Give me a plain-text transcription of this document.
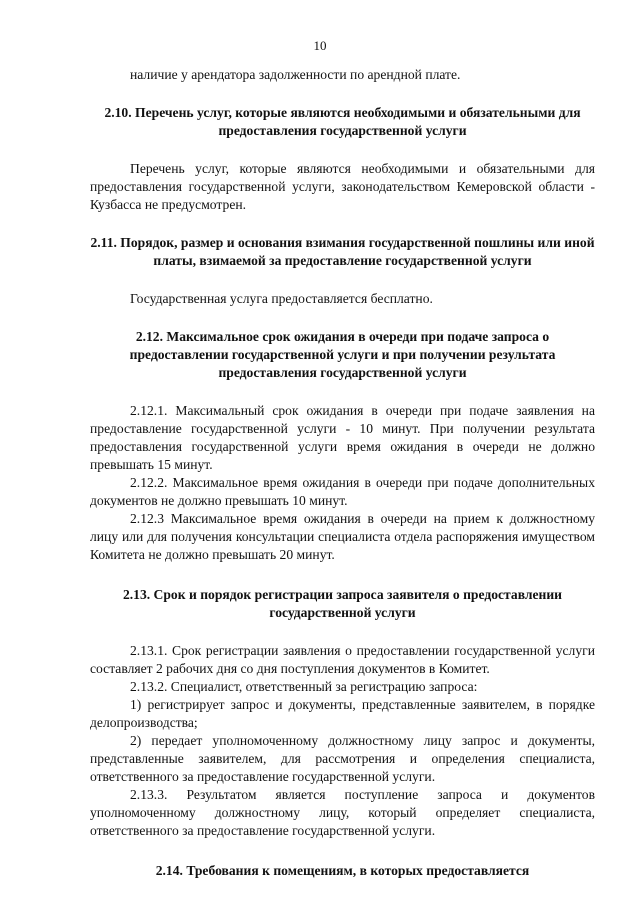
10

наличие у арендатора задолженности по арендной плате.

2.10. Перечень услуг, которые являются необходимыми и обязательными для предоставления государственной услуги

Перечень услуг, которые являются необходимыми и обязательными для предоставления государственной услуги, законодательством Кемеровской области - Кузбасса не предусмотрен.

2.11. Порядок, размер и основания взимания государственной пошлины или иной платы, взимаемой за предоставление государственной услуги

Государственная услуга предоставляется бесплатно.

2.12. Максимальное срок ожидания в очереди при подаче запроса о предоставлении государственной услуги и при получении результата предоставления государственной услуги

2.12.1. Максимальный срок ожидания в очереди при подаче заявления на предоставление государственной услуги - 10 минут. При получении результата предоставления государственной услуги время ожидания в очереди не должно превышать 15 минут.

2.12.2. Максимальное время ожидания в очереди при подаче дополнительных документов не должно превышать 10 минут.

2.12.3 Максимальное время ожидания в очереди на прием к должностному лицу или для получения консультации специалиста отдела распоряжения имуществом Комитета не должно превышать 20 минут.

2.13. Срок и порядок регистрации запроса заявителя о предоставлении государственной услуги

2.13.1. Срок регистрации заявления о предоставлении государственной услуги составляет 2 рабочих дня со дня поступления документов в Комитет.

2.13.2. Специалист, ответственный за регистрацию запроса:

1) регистрирует запрос и документы, представленные заявителем, в порядке делопроизводства;

2) передает уполномоченному должностному лицу запрос и документы, представленные заявителем, для рассмотрения и определения специалиста, ответственного за предоставление государственной услуги.

2.13.3. Результатом является поступление запроса и документов уполномоченному должностному лицу, который определяет специалиста, ответственного за предоставление государственной услуги.

2.14. Требования к помещениям, в которых предоставляется
